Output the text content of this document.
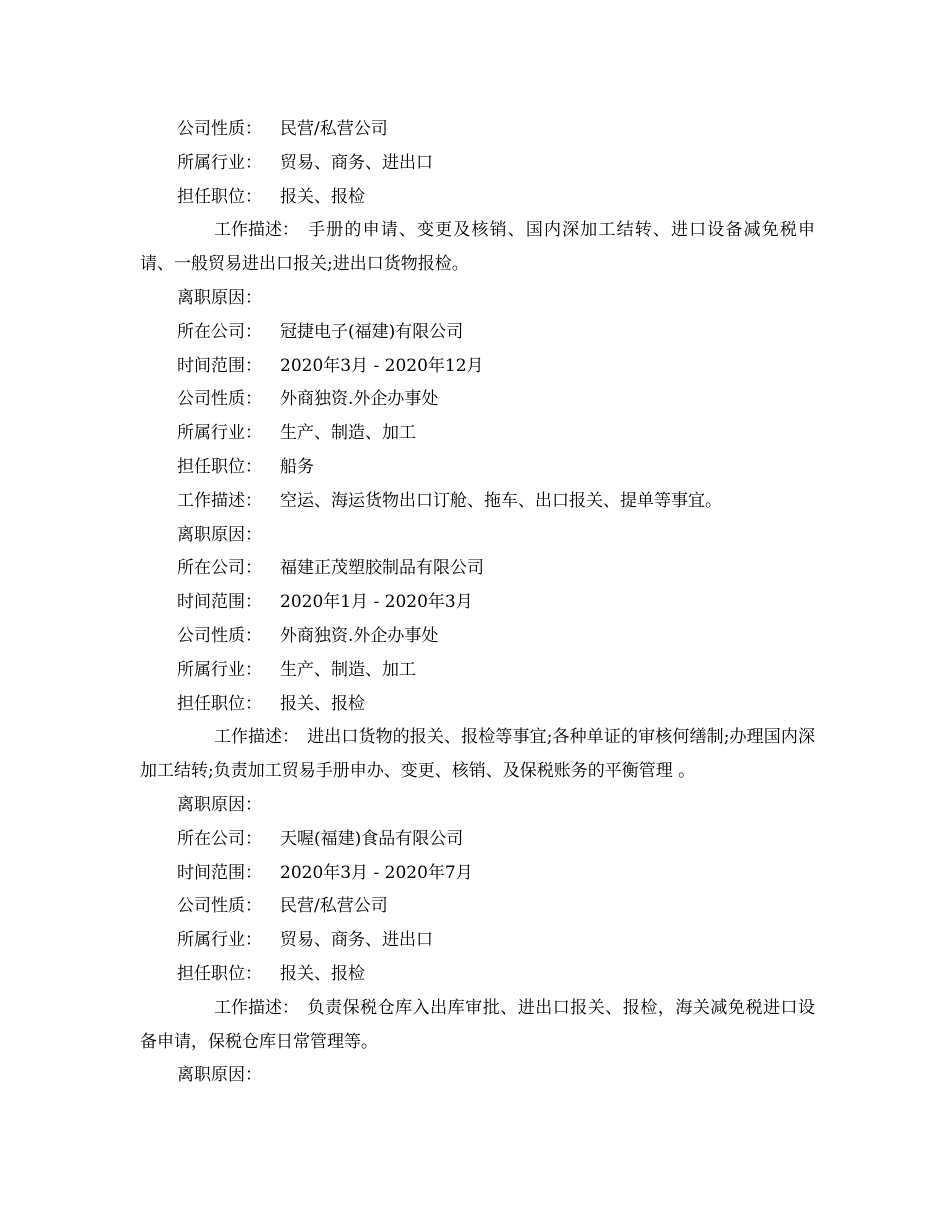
公司性质： 民营/私营公司
所属行业： 贸易、商务、进出口
担任职位： 报关、报检
工作描述： 手册的申请、变更及核销、国内深加工结转、进口设备减免税申请、一般贸易进出口报关;进出口货物报检。
离职原因：
所在公司： 冠捷电子(福建)有限公司
时间范围： 2020年3月 - 2020年12月
公司性质： 外商独资.外企办事处
所属行业： 生产、制造、加工
担任职位： 船务
工作描述： 空运、海运货物出口订舱、拖车、出口报关、提单等事宜。
离职原因：
所在公司： 福建正茂塑胶制品有限公司
时间范围： 2020年1月 - 2020年3月
公司性质： 外商独资.外企办事处
所属行业： 生产、制造、加工
担任职位： 报关、报检
工作描述： 进出口货物的报关、报检等事宜;各种单证的审核何缮制;办理国内深加工结转;负责加工贸易手册申办、变更、核销、及保税账务的平衡管理 。
离职原因：
所在公司： 天喔(福建)食品有限公司
时间范围： 2020年3月 - 2020年7月
公司性质： 民营/私营公司
所属行业： 贸易、商务、进出口
担任职位： 报关、报检
工作描述： 负责保税仓库入出库审批、进出口报关、报检，海关减免税进口设备申请，保税仓库日常管理等。
离职原因：
